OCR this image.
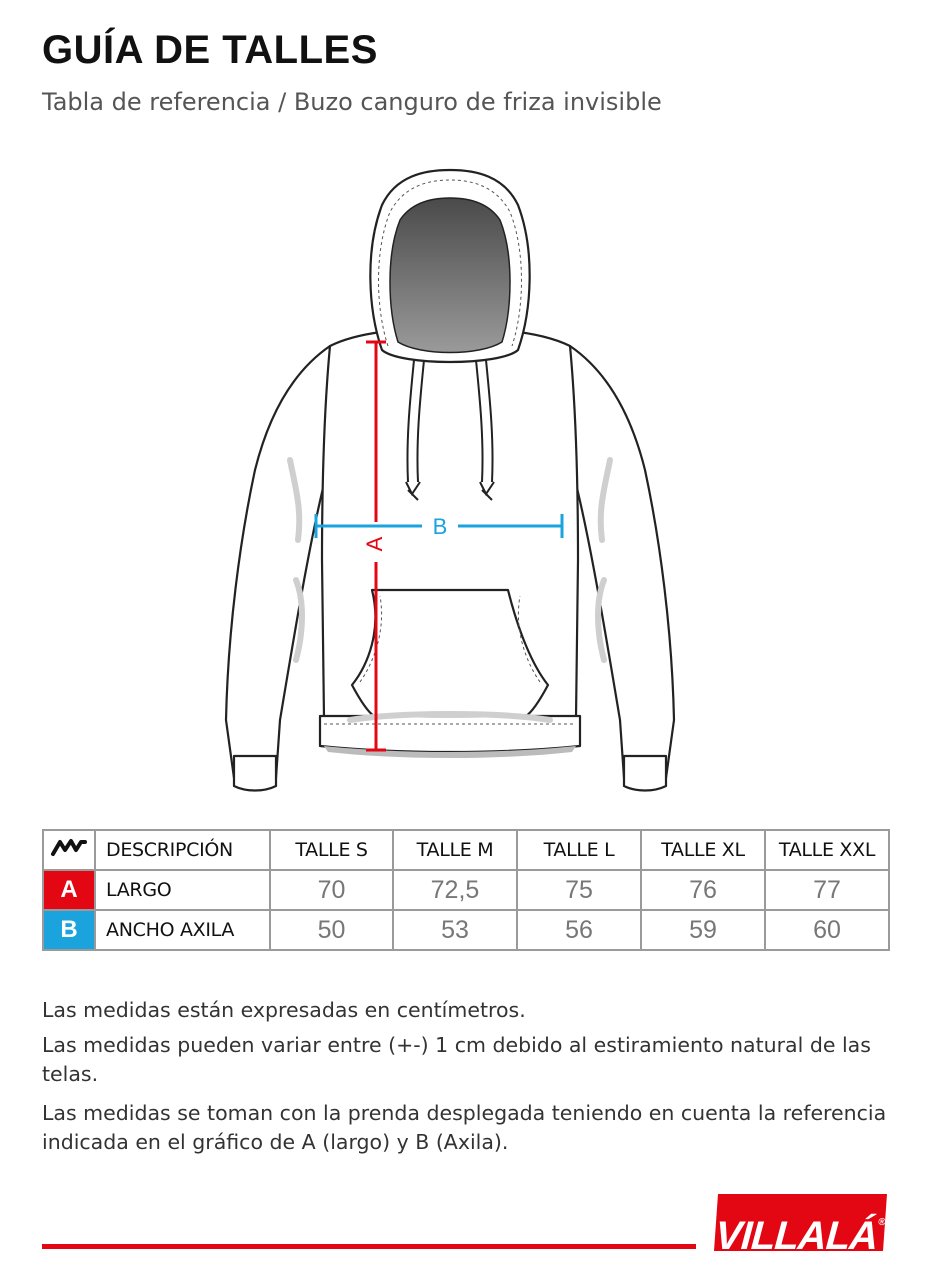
GUÍA DE TALLES

Tabla de referencia / Buzo canguro de friza invisible

A
B
	DESCRIPCIÓN	TALLE S	TALLE M	TALLE L	TALLE XL	TALLE XXL
A	LARGO	70	72,5	75	76	77
B	ANCHO AXILA	50	53	56	59	60

Las medidas están expresadas en centímetros.

Las medidas pueden variar entre (+-) 1 cm debido al estiramiento natural de las telas.

Las medidas se toman con la prenda desplegada teniendo en cuenta la referencia indicada en el gráfico de A (largo) y B (Axila).

VILLALÁ®
